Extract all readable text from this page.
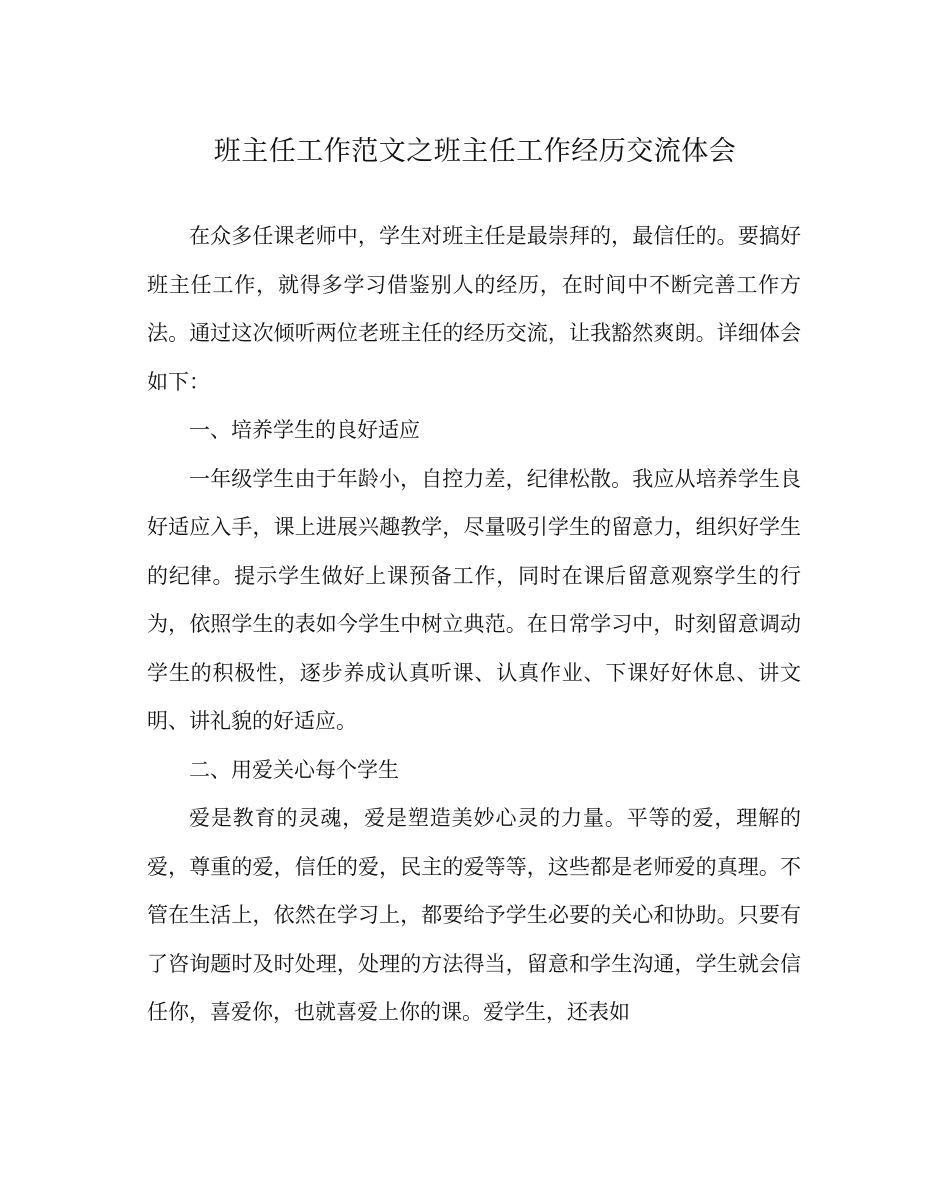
班主任工作范文之班主任工作经历交流体会

在众多任课老师中，学生对班主任是最崇拜的，最信任的。要搞好班主任工作，就得多学习借鉴别人的经历，在时间中不断完善工作方法。通过这次倾听两位老班主任的经历交流，让我豁然爽朗。详细体会如下：

一、培养学生的良好适应

一年级学生由于年龄小，自控力差，纪律松散。我应从培养学生良好适应入手，课上进展兴趣教学，尽量吸引学生的留意力，组织好学生的纪律。提示学生做好上课预备工作，同时在课后留意观察学生的行为，依照学生的表如今学生中树立典范。在日常学习中，时刻留意调动学生的积极性，逐步养成认真听课、认真作业、下课好好休息、讲文明、讲礼貌的好适应。

二、用爱关心每个学生

爱是教育的灵魂，爱是塑造美妙心灵的力量。平等的爱，理解的爱，尊重的爱，信任的爱，民主的爱等等，这些都是老师爱的真理。不管在生活上，依然在学习上，都要给予学生必要的关心和协助。只要有了咨询题时及时处理，处理的方法得当，留意和学生沟通，学生就会信任你，喜爱你，也就喜爱上你的课。爱学生，还表如
